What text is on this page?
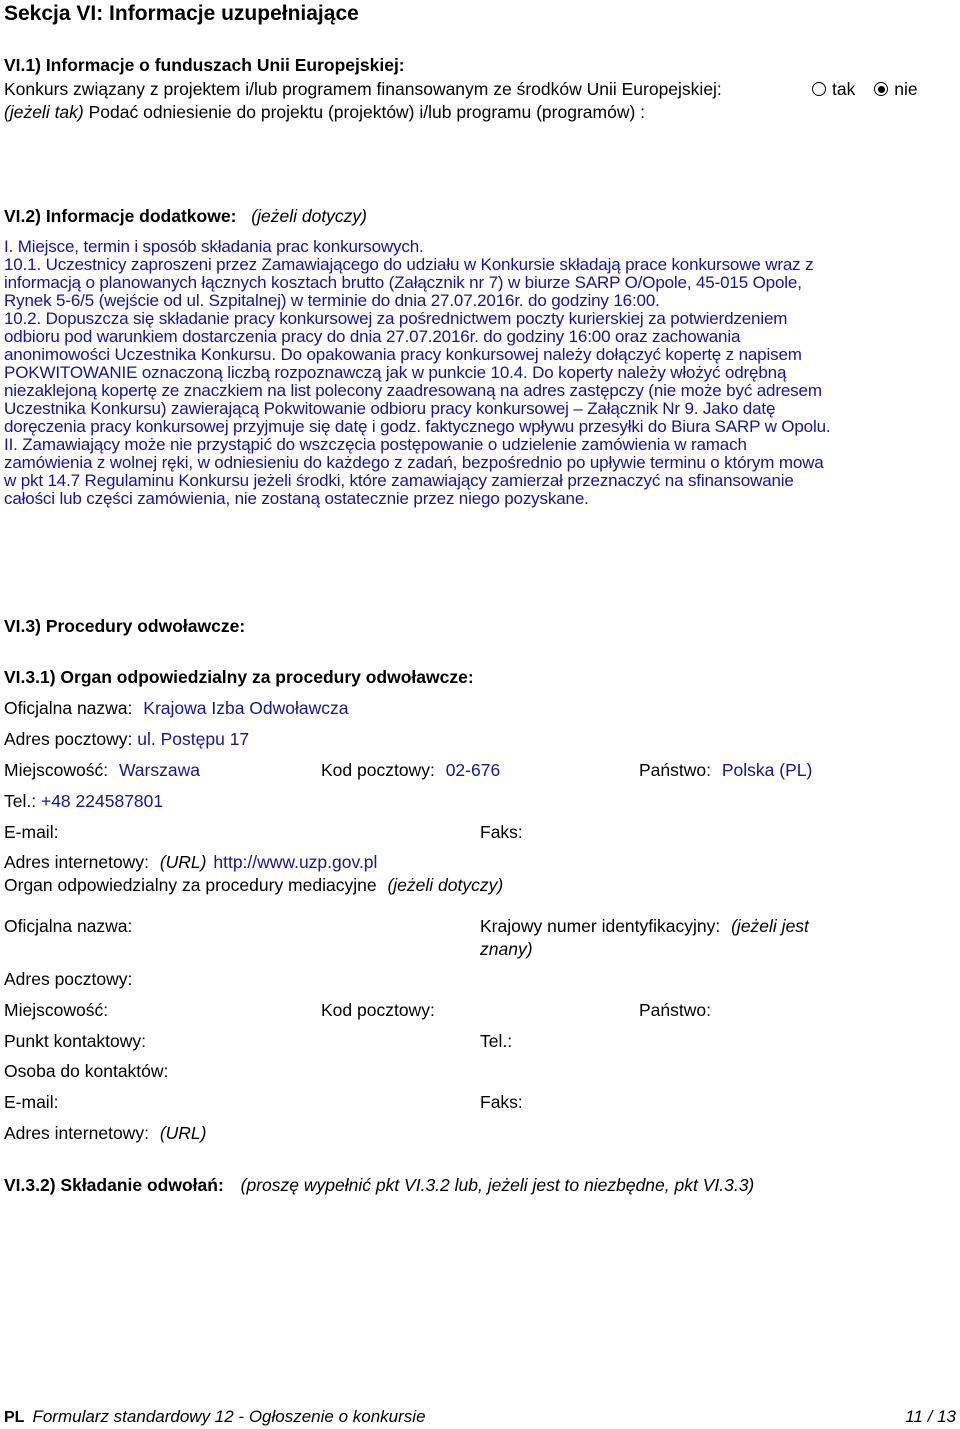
Sekcja VI: Informacje uzupełniające
VI.1) Informacje o funduszach Unii Europejskiej:
Konkurs związany z projektem i/lub programem finansowanym ze środków Unii Europejskiej:	tak nie
(jeżeli tak) Podać odniesienie do projektu (projektów) i/lub programu (programów) :
VI.2) Informacje dodatkowe: (jeżeli dotyczy)
I. Miejsce, termin i sposób składania prac konkursowych.
10.1. Uczestnicy zaproszeni przez Zamawiającego do udziału w Konkursie składają prace konkursowe wraz z
informacją o planowanych łącznych kosztach brutto (Załącznik nr 7) w biurze SARP O/Opole, 45-015 Opole,
Rynek 5-6/5 (wejście od ul. Szpitalnej) w terminie do dnia 27.07.2016r. do godziny 16:00.
10.2. Dopuszcza się składanie pracy konkursowej za pośrednictwem poczty kurierskiej za potwierdzeniem
odbioru pod warunkiem dostarczenia pracy do dnia 27.07.2016r. do godziny 16:00 oraz zachowania
anonimowości Uczestnika Konkursu. Do opakowania pracy konkursowej należy dołączyć kopertę z napisem
POKWITOWANIE oznaczoną liczbą rozpoznawczą jak w punkcie 10.4. Do koperty należy włożyć odrębną
niezaklejoną kopertę ze znaczkiem na list polecony zaadresowaną na adres zastępczy (nie może być adresem
Uczestnika Konkursu) zawierającą Pokwitowanie odbioru pracy konkursowej – Załącznik Nr 9. Jako datę
doręczenia pracy konkursowej przyjmuje się datę i godz. faktycznego wpływu przesyłki do Biura SARP w Opolu.
II. Zamawiający może nie przystąpić do wszczęcia postępowanie o udzielenie zamówienia w ramach
zamówienia z wolnej ręki, w odniesieniu do każdego z zadań, bezpośrednio po upływie terminu o którym mowa
w pkt 14.7 Regulaminu Konkursu jeżeli środki, które zamawiający zamierzał przeznaczyć na sfinansowanie
całości lub części zamówienia, nie zostaną ostatecznie przez niego pozyskane.
VI.3) Procedury odwoławcze:
VI.3.1) Organ odpowiedzialny za procedury odwoławcze:
Oficjalna nazwa: Krajowa Izba Odwoławcza
Adres pocztowy: ul. Postępu 17
Miejscowość: Warszawa	Kod pocztowy: 02-676	Państwo: Polska (PL)
Tel.: +48 224587801
E-mail:	Faks:
Adres internetowy: (URL) http://www.uzp.gov.pl
Organ odpowiedzialny za procedury mediacyjne (jeżeli dotyczy)
Oficjalna nazwa:	Krajowy numer identyfikacyjny: (jeżeli jest
znany)
Adres pocztowy:
Miejscowość:	Kod pocztowy:	Państwo:
Punkt kontaktowy:	Tel.:
Osoba do kontaktów:
E-mail:	Faks:
Adres internetowy: (URL)
VI.3.2) Składanie odwołań: (proszę wypełnić pkt VI.3.2 lub, jeżeli jest to niezbędne, pkt VI.3.3)
PL Formularz standardowy 12 - Ogłoszenie o konkursie	11 / 13
